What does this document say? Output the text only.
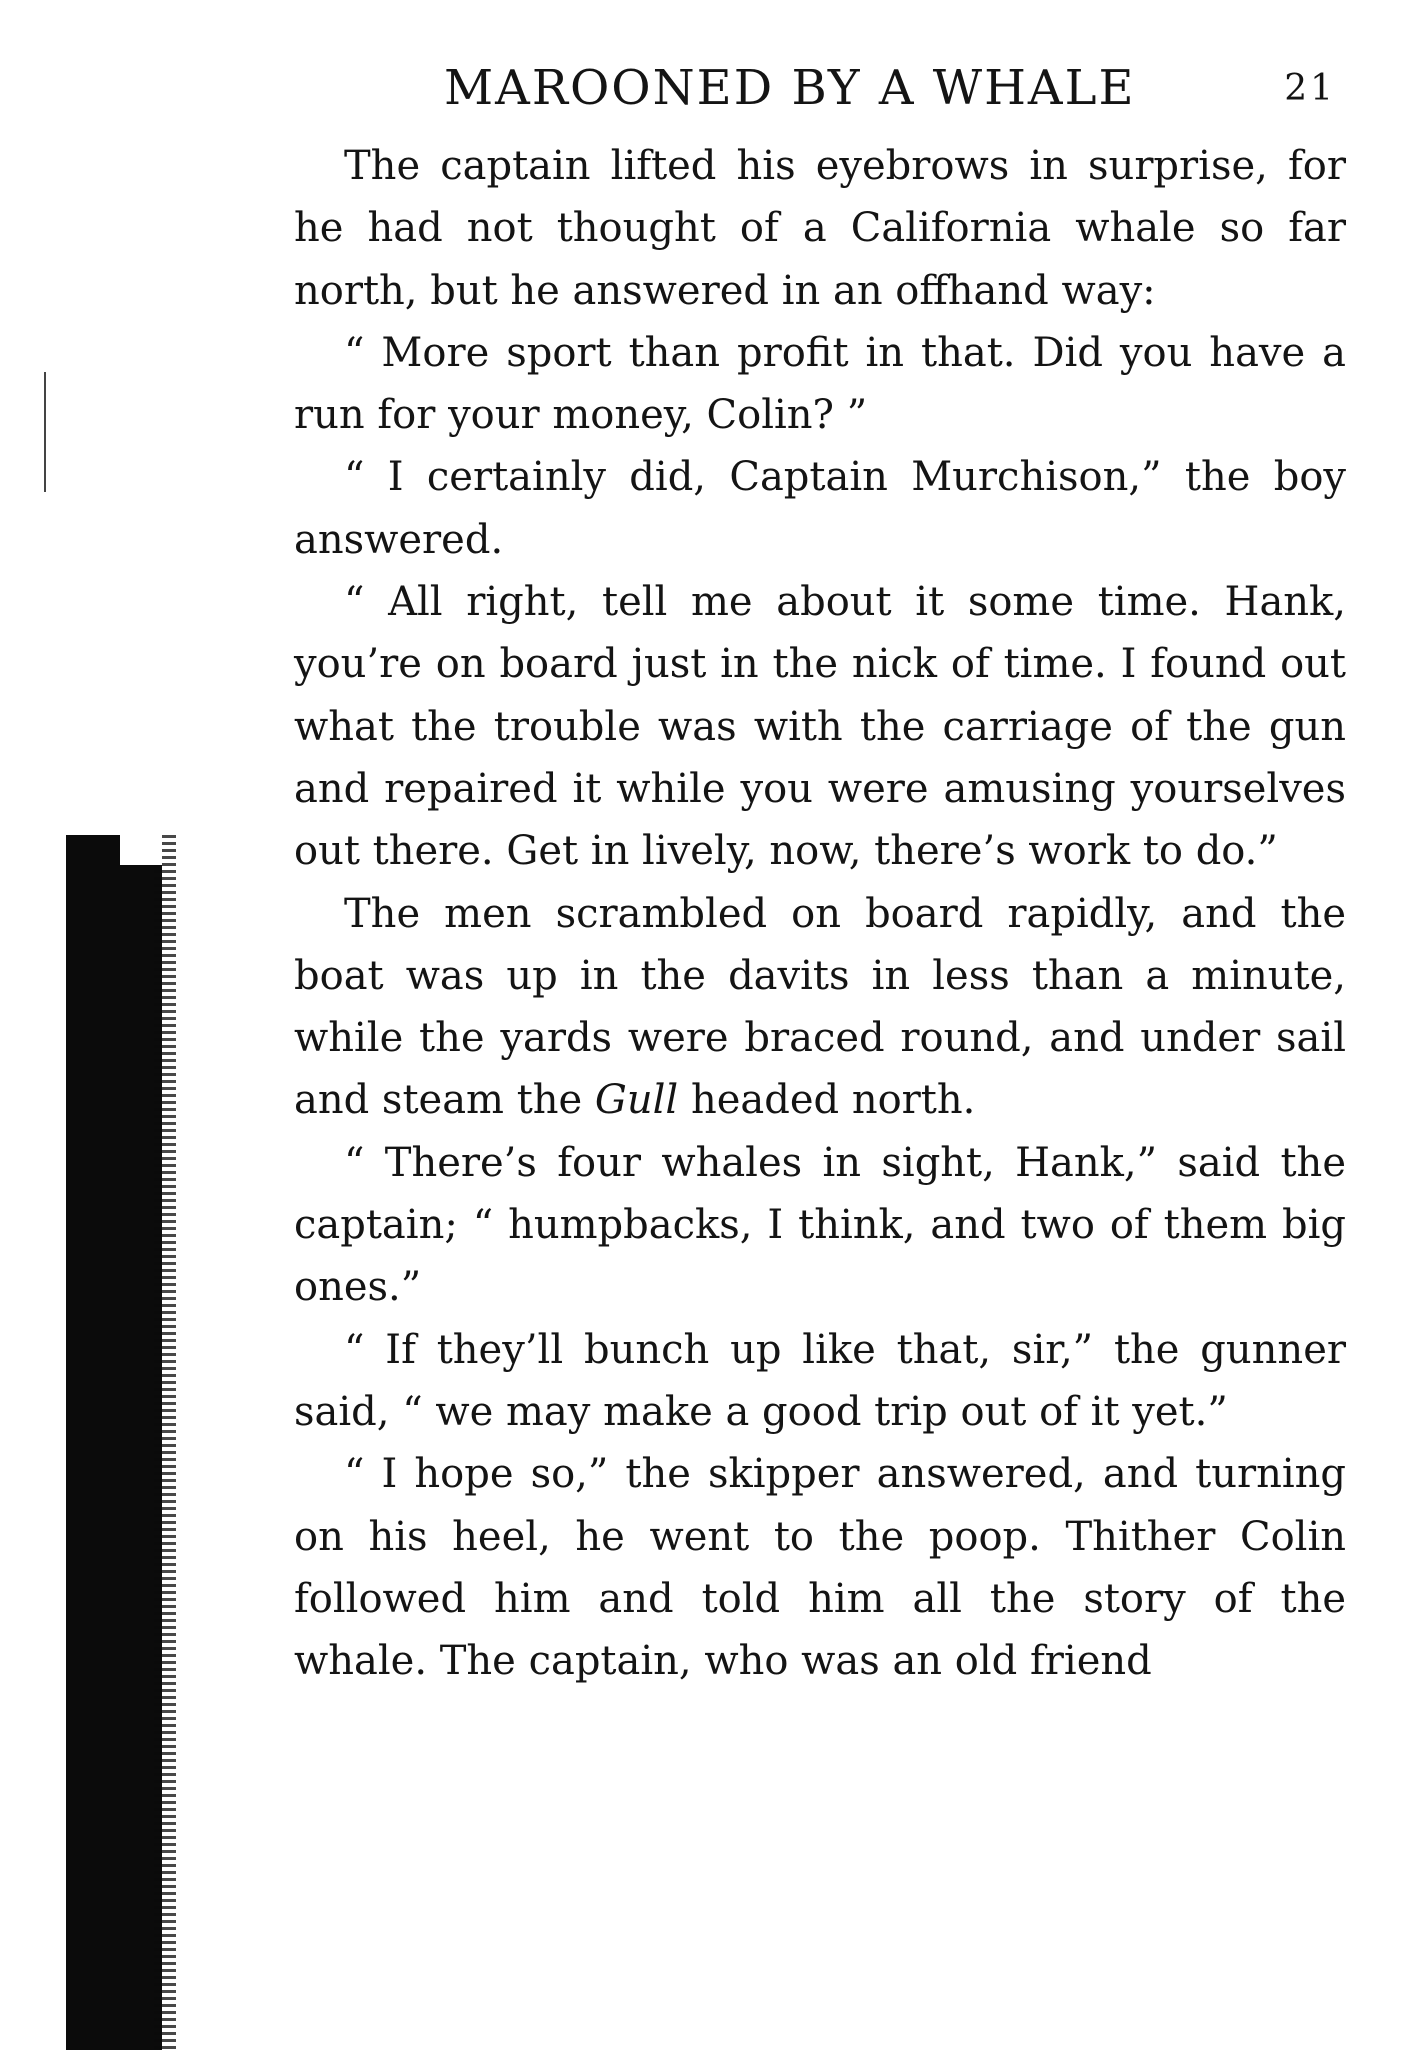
MAROONED BY A WHALE	21

The captain lifted his eyebrows in surprise, for he had not thought of a California whale so far north, but he answered in an offhand way:

“ More sport than profit in that. Did you have a run for your money, Colin? ”

“ I certainly did, Captain Murchison,” the boy answered.

“ All right, tell me about it some time. Hank, you’re on board just in the nick of time. I found out what the trouble was with the carriage of the gun and repaired it while you were amusing yourselves out there. Get in lively, now, there’s work to do.”

The men scrambled on board rapidly, and the boat was up in the davits in less than a minute, while the yards were braced round, and under sail and steam the Gull headed north.

“ There’s four whales in sight, Hank,” said the captain; “ humpbacks, I think, and two of them big ones.”

“ If they’ll bunch up like that, sir,” the gunner said, “ we may make a good trip out of it yet.”

“ I hope so,” the skipper answered, and turning on his heel, he went to the poop. Thither Colin followed him and told him all the story of the whale. The captain, who was an old friend
